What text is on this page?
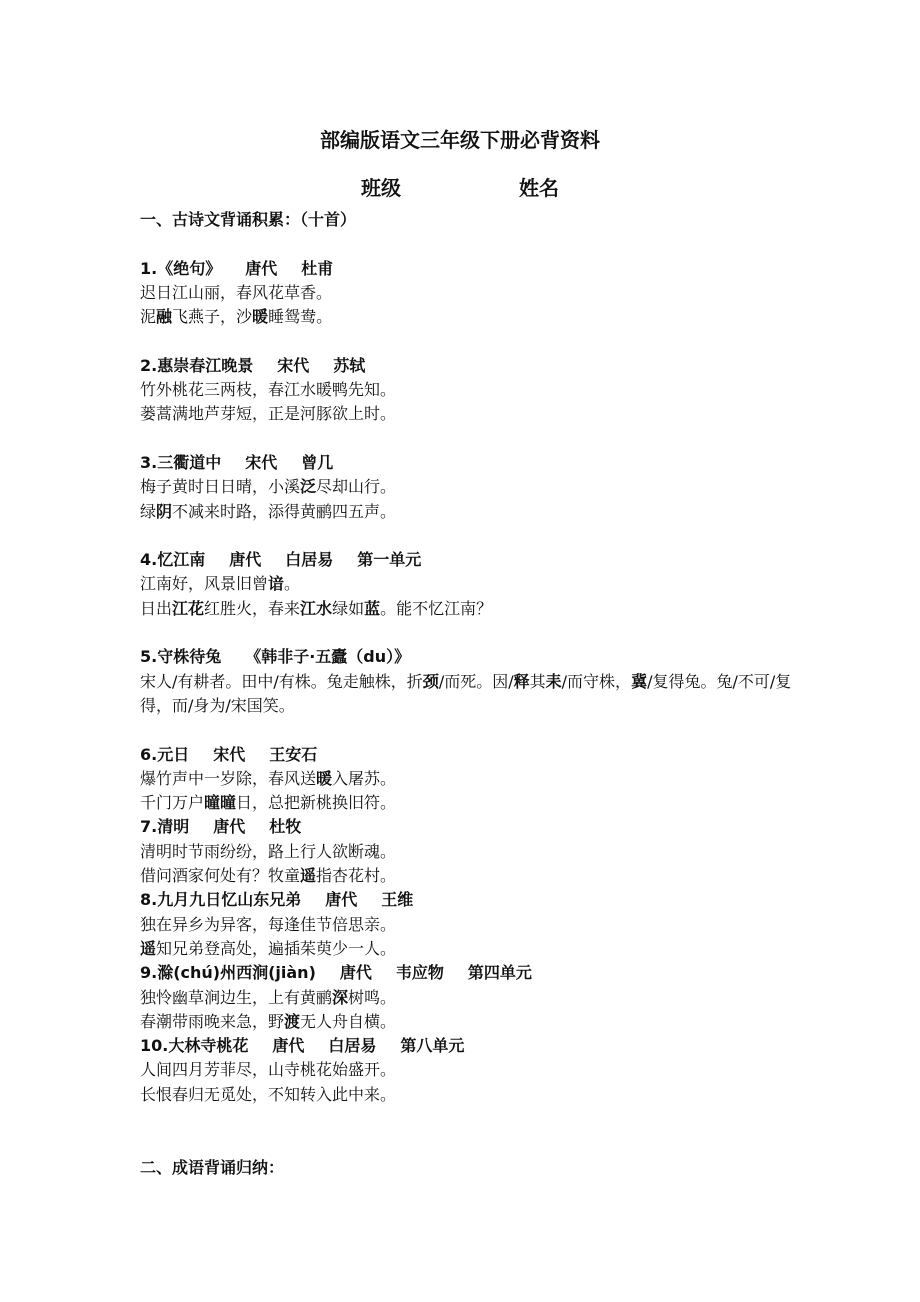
部编版语文三年级下册必背资料
班级	姓名
一、古诗文背诵积累：（十首）
1.《绝句》 唐代 杜甫
迟日江山丽，春风花草香。
泥融飞燕子，沙暖睡鸳鸯。
2.惠崇春江晚景 宋代 苏轼
竹外桃花三两枝，春江水暖鸭先知。
蒌蒿满地芦芽短，正是河豚欲上时。
3.三衢道中 宋代 曾几
梅子黄时日日晴，小溪泛尽却山行。
绿阴不减来时路，添得黄鹂四五声。
4.忆江南 唐代 白居易 第一单元
江南好，风景旧曾谙。
日出江花红胜火，春来江水绿如蓝。能不忆江南？
5.守株待兔 《韩非子·五蠹（du）》
宋人/有耕者。田中/有株。兔走触株，折颈/而死。因/释其耒/而守株，冀/复得兔。兔/不可/复得，而/身为/宋国笑。
6.元日 宋代 王安石
爆竹声中一岁除，春风送暖入屠苏。
千门万户曈曈日，总把新桃换旧符。
7.清明 唐代 杜牧
清明时节雨纷纷，路上行人欲断魂。
借问酒家何处有？牧童遥指杏花村。
8.九月九日忆山东兄弟 唐代 王维
独在异乡为异客，每逢佳节倍思亲。
遥知兄弟登高处，遍插茱萸少一人。
9.滁(chú)州西涧(jiàn) 唐代 韦应物 第四单元
独怜幽草涧边生，上有黄鹂深树鸣。
春潮带雨晚来急，野渡无人舟自横。
10.大林寺桃花 唐代 白居易 第八单元
人间四月芳菲尽，山寺桃花始盛开。
长恨春归无觅处，不知转入此中来。
二、成语背诵归纳：
